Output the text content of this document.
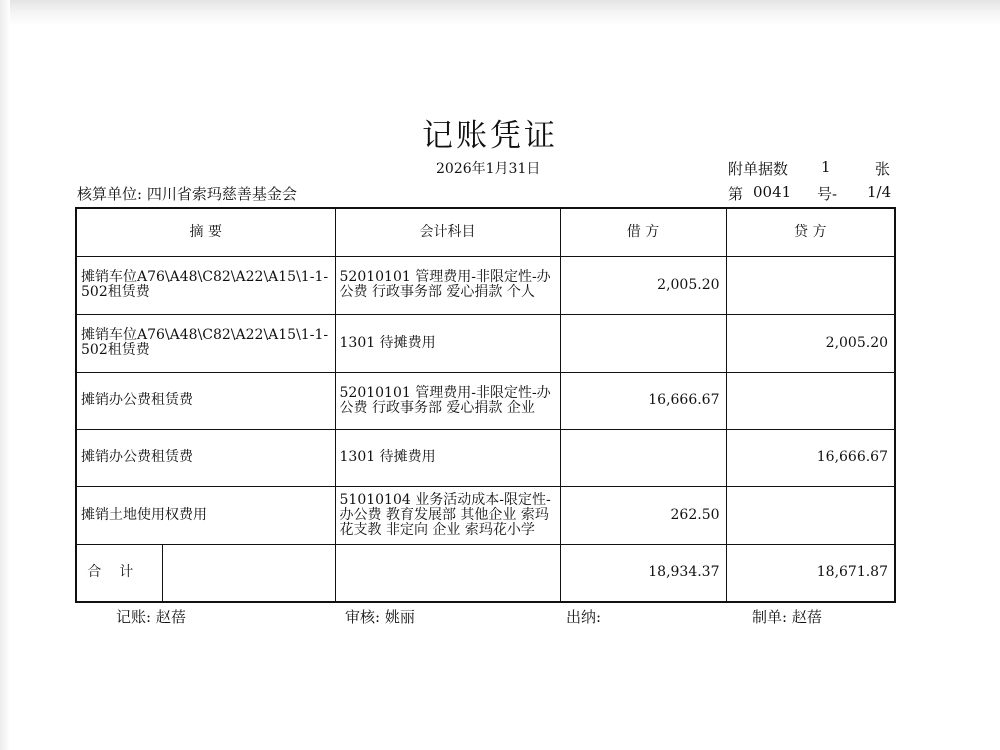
记账凭证
2026年1月31日	附单据数 1	张
核算单位: 四川省索玛慈善基金会	第 0041 号- 1/4
摘 要		会计科目	借 方	贷 方
摊销车位A76\A48\C82\A22\A15\1-1-502租赁费		52010101 管理费用-非限定性-办公费 行政事务部 爱心捐款 个人	2,005.20	
摊销车位A76\A48\C82\A22\A15\1-1-502租赁费		1301 待摊费用		2,005.20
摊销办公费租赁费		52010101 管理费用-非限定性-办公费 行政事务部 爱心捐款 企业	16,666.67	
摊销办公费租赁费		1301 待摊费用		16,666.67
摊销土地使用权费用		51010104 业务活动成本-限定性-办公费 教育发展部 其他企业 索玛花支教 非定向 企业 索玛花小学	262.50	
合计			18,934.37	18,671.87
记账: 赵蓓	审核: 姚丽	出纳:	制单: 赵蓓
